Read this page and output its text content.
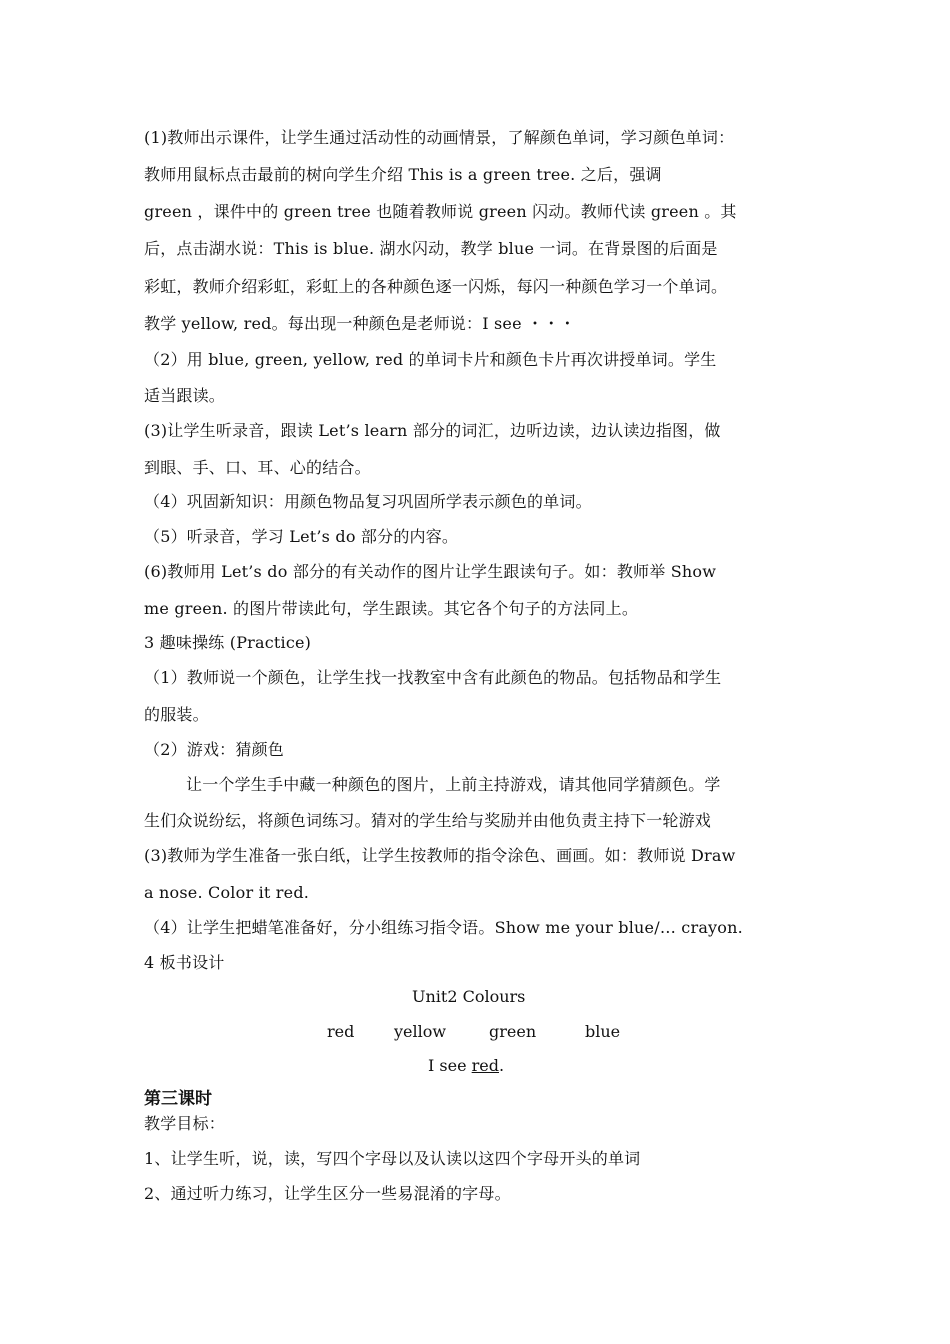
(1)教师出示课件，让学生通过活动性的动画情景，了解颜色单词，学习颜色单词：
教师用鼠标点击最前的树向学生介绍 This is a green tree. 之后，强调
green ，课件中的 green tree 也随着教师说 green 闪动。教师代读 green 。其
后，点击湖水说：This is blue. 湖水闪动，教学 blue 一词。在背景图的后面是
彩虹，教师介绍彩虹，彩虹上的各种颜色逐一闪烁，每闪一种颜色学习一个单词。
教学 yellow, red。每出现一种颜色是老师说：I see ・・・
（2）用 blue, green, yellow, red 的单词卡片和颜色卡片再次讲授单词。学生
适当跟读。
(3)让学生听录音，跟读 Let’s learn 部分的词汇，边听边读，边认读边指图，做
到眼、手、口、耳、心的结合。
（4）巩固新知识：用颜色物品复习巩固所学表示颜色的单词。
（5）听录音，学习 Let’s do 部分的内容。
(6)教师用 Let’s do 部分的有关动作的图片让学生跟读句子。如：教师举 Show
me green. 的图片带读此句，学生跟读。其它各个句子的方法同上。
3 趣味操练 (Practice)
（1）教师说一个颜色，让学生找一找教室中含有此颜色的物品。包括物品和学生
的服装。
（2）游戏：猜颜色
让一个学生手中藏一种颜色的图片，上前主持游戏，请其他同学猜颜色。学
生们众说纷纭，将颜色词练习。猜对的学生给与奖励并由他负责主持下一轮游戏
(3)教师为学生准备一张白纸，让学生按教师的指令涂色、画画。如：教师说 Draw
a nose. Color it red.
（4）让学生把蜡笔准备好，分小组练习指令语。Show me your blue/… crayon.
4 板书设计
Unit2 Colours
red yellow	green	blue
I see red.
第三课时
教学目标：
1、让学生听，说，读，写四个字母以及认读以这四个字母开头的单词
2、通过听力练习，让学生区分一些易混淆的字母。
